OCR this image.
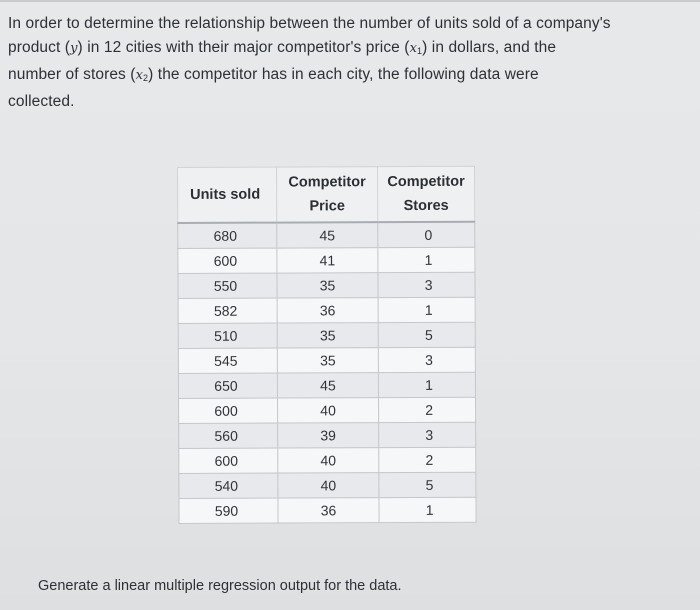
In order to determine the relationship between the number of units sold of a company's
product (y) in 12 cities with their major competitor's price $(x_1)$ in dollars, and the
number of stores $(x_2)$ the competitor has in each city, the following data were
collected.

Units sold	Competitor Price	Competitor Stores
680	45	0
600	41	1
550	35	3
582	36	1
510	35	5
545	35	3
650	45	1
600	40	2
560	39	3
600	40	2
540	40	5
590	36	1

Generate a linear multiple regression output for the data.
